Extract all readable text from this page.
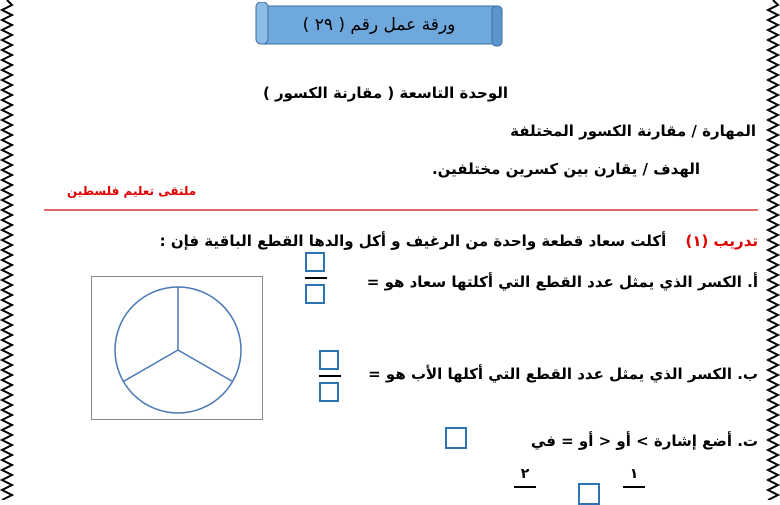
ورقة عمل رقم ( ٢٩ )
الوحدة التاسعة ( مقارنة الكسور )
المهارة / مقارنة الكسور المختلفة
الهدف / يقارن بين كسرين مختلفين.
ملتقى تعليم فلسطين
تدريب (١) أكلت سعاد قطعة واحدة من الرغيف و أكل والدها القطع الباقية فإن :
أ. الكسر الذي يمثل عدد القطع التي أكلتها سعاد هو =
ب. الكسر الذي يمثل عدد القطع التي أكلها الأب هو =
ت. أضع إشارة > أو < أو = في
٢	١
